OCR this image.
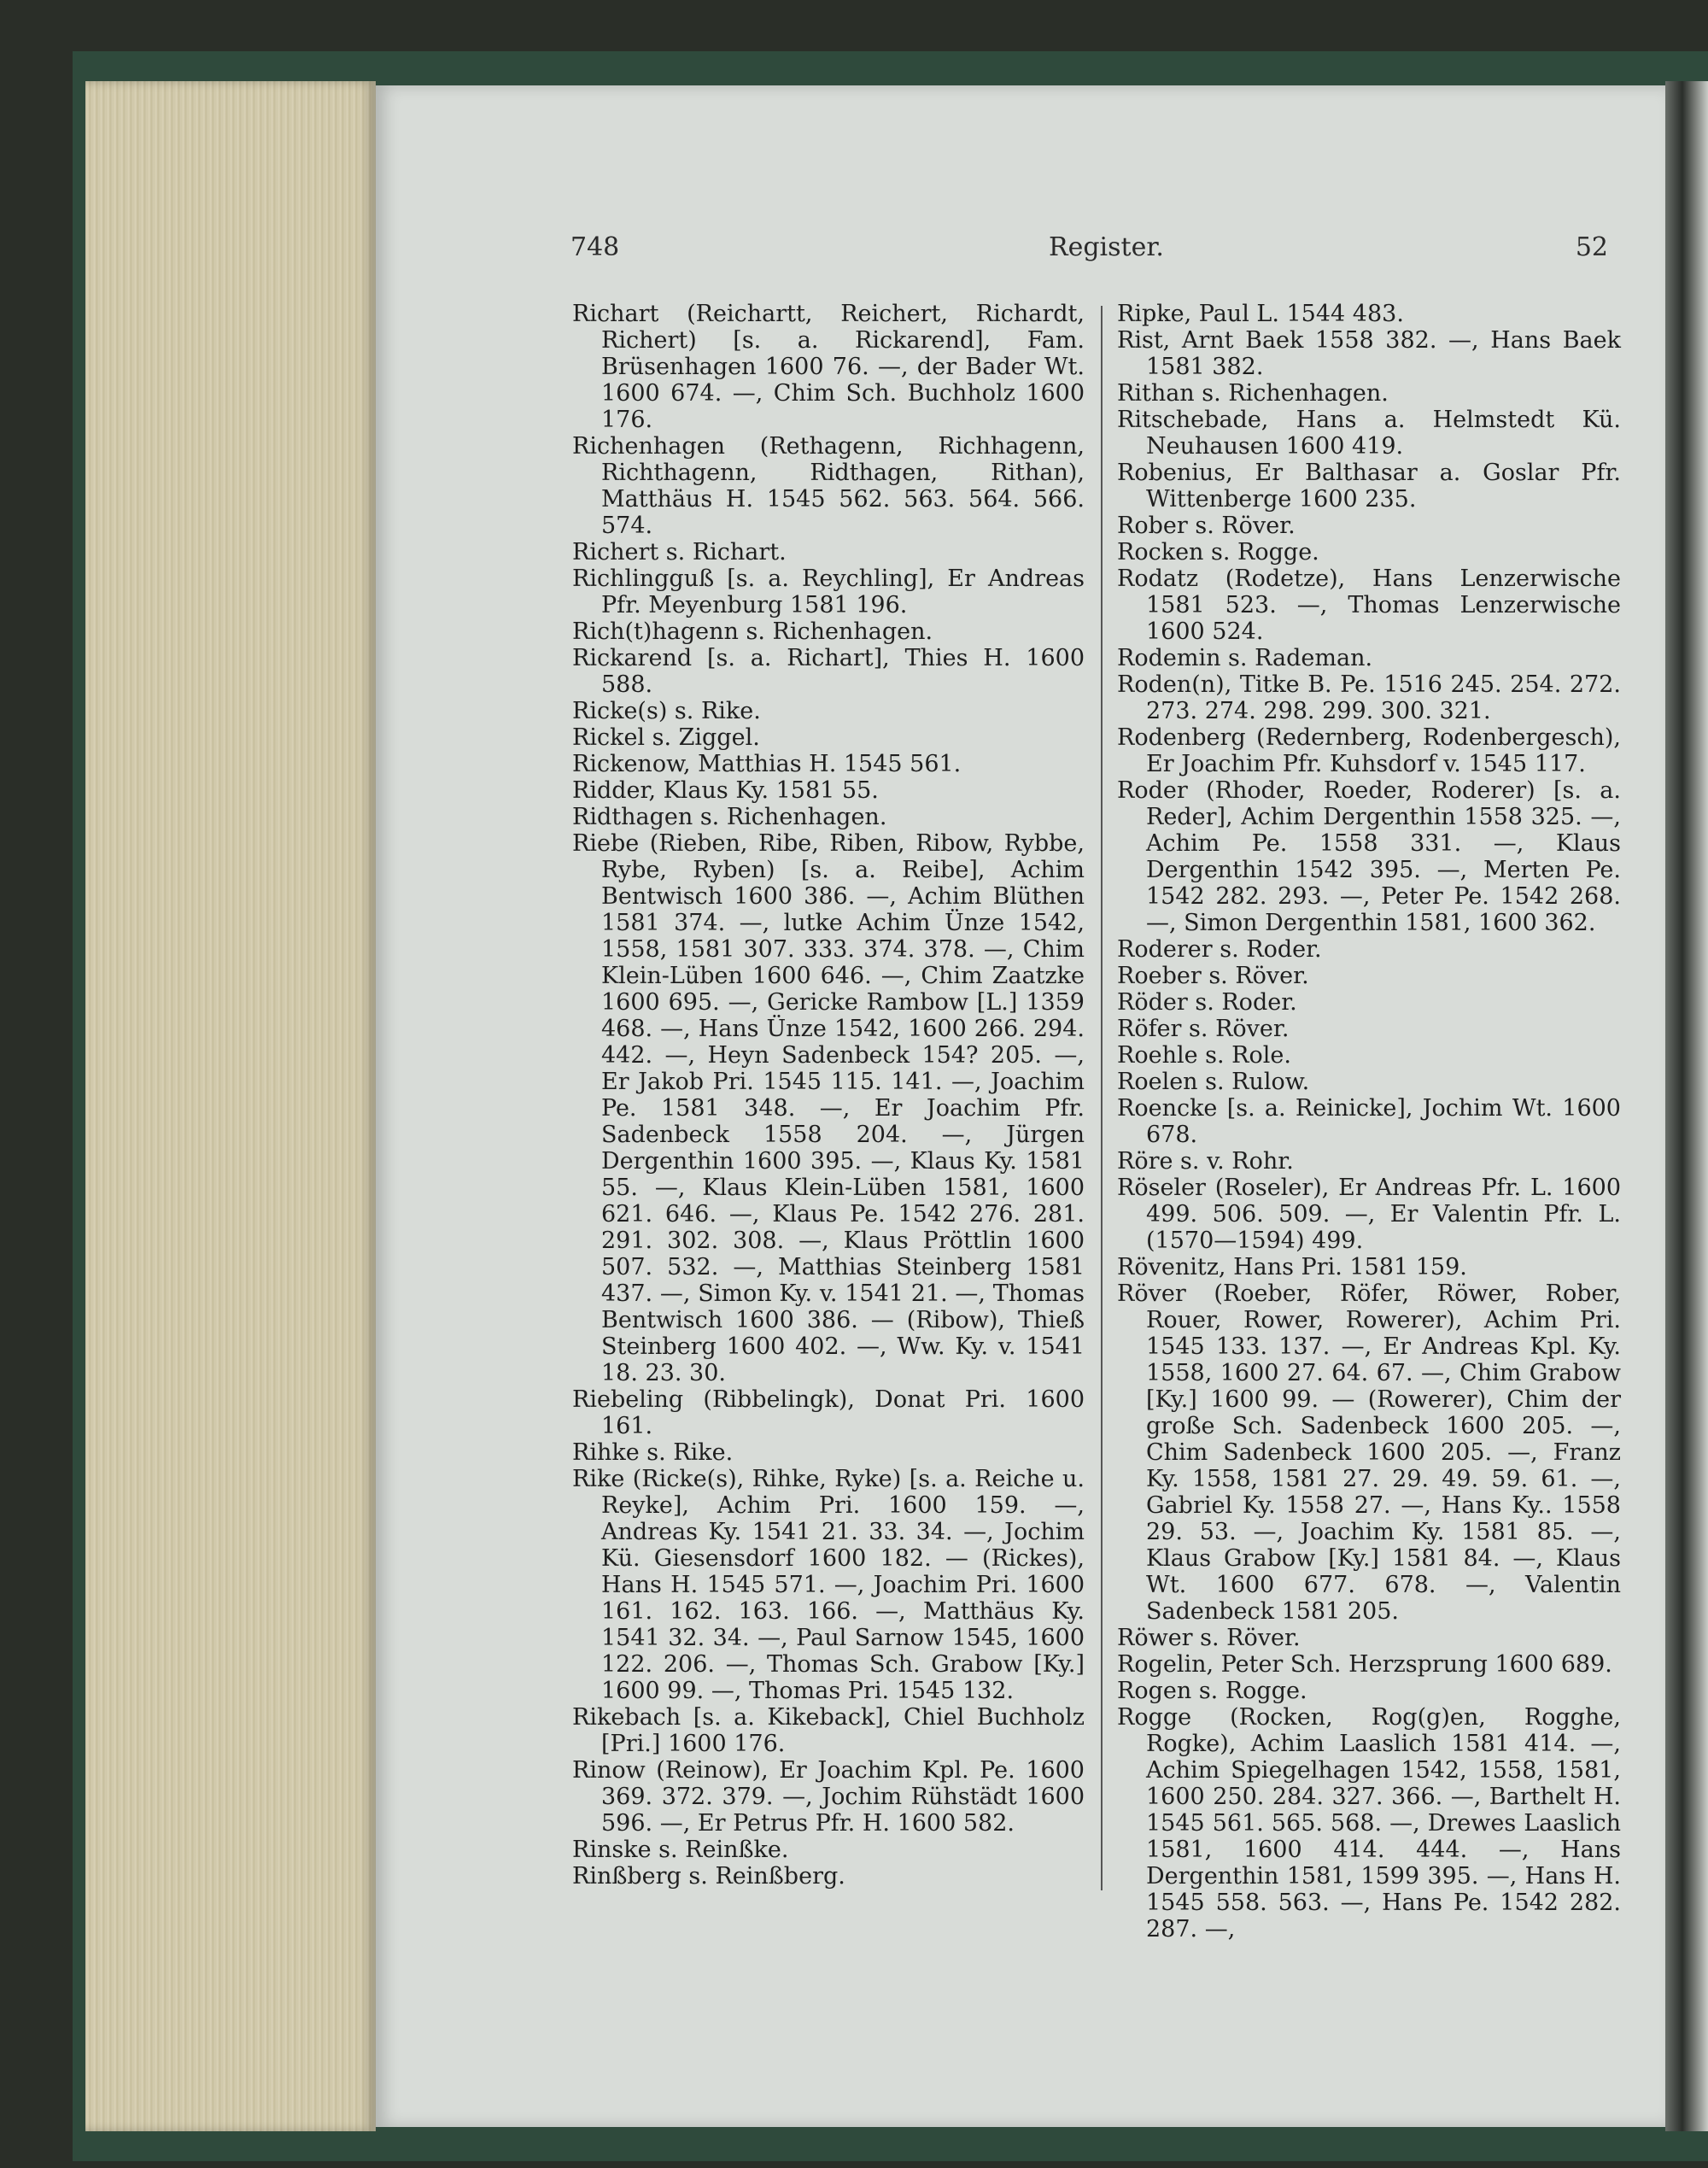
748	Register.	52

Richart (Reichartt, Reichert, Richardt, Richert) [s. a. Rickarend], Fam. Brüsenhagen 1600 76. —, der Bader Wt. 1600 674. —, Chim Sch. Buchholz 1600 176.

Richenhagen (Rethagenn, Richhagenn, Richthagenn, Ridthagen, Rithan), Matthäus H. 1545 562. 563. 564. 566. 574.

Richert s. Richart.

Richlingguß [s. a. Reychling], Er Andreas Pfr. Meyenburg 1581 196.

Rich(t)hagenn s. Richenhagen.

Rickarend [s. a. Richart], Thies H. 1600 588.

Ricke(s) s. Rike.

Rickel s. Ziggel.

Rickenow, Matthias H. 1545 561.

Ridder, Klaus Ky. 1581 55.

Ridthagen s. Richenhagen.

Riebe (Rieben, Ribe, Riben, Ribow, Rybbe, Rybe, Ryben) [s. a. Reibe], Achim Bentwisch 1600 386. —, Achim Blüthen 1581 374. —, lutke Achim Ünze 1542, 1558, 1581 307. 333. 374. 378. —, Chim Klein-Lüben 1600 646. —, Chim Zaatzke 1600 695. —, Gericke Rambow [L.] 1359 468. —, Hans Ünze 1542, 1600 266. 294. 442. —, Heyn Sadenbeck 154? 205. —, Er Jakob Pri. 1545 115. 141. —, Joachim Pe. 1581 348. —, Er Joachim Pfr. Sadenbeck 1558 204. —, Jürgen Dergenthin 1600 395. —, Klaus Ky. 1581 55. —, Klaus Klein-Lüben 1581, 1600 621. 646. —, Klaus Pe. 1542 276. 281. 291. 302. 308. —, Klaus Pröttlin 1600 507. 532. —, Matthias Steinberg 1581 437. —, Simon Ky. v. 1541 21. —, Thomas Bentwisch 1600 386. — (Ribow), Thieß Steinberg 1600 402. —, Ww. Ky. v. 1541 18. 23. 30.

Riebeling (Ribbelingk), Donat Pri. 1600 161.

Rihke s. Rike.

Rike (Ricke(s), Rihke, Ryke) [s. a. Reiche u. Reyke], Achim Pri. 1600 159. —, Andreas Ky. 1541 21. 33. 34. —, Jochim Kü. Giesensdorf 1600 182. — (Rickes), Hans H. 1545 571. —, Joachim Pri. 1600 161. 162. 163. 166. —, Matthäus Ky. 1541 32. 34. —, Paul Sarnow 1545, 1600 122. 206. —, Thomas Sch. Grabow [Ky.] 1600 99. —, Thomas Pri. 1545 132.

Rikebach [s. a. Kikeback], Chiel Buchholz [Pri.] 1600 176.

Rinow (Reinow), Er Joachim Kpl. Pe. 1600 369. 372. 379. —, Jochim Rühstädt 1600 596. —, Er Petrus Pfr. H. 1600 582.

Rinske s. Reinßke.

Rinßberg s. Reinßberg.

Ripke, Paul L. 1544 483.

Rist, Arnt Baek 1558 382. —, Hans Baek 1581 382.

Rithan s. Richenhagen.

Ritschebade, Hans a. Helmstedt Kü. Neuhausen 1600 419.

Robenius, Er Balthasar a. Goslar Pfr. Wittenberge 1600 235.

Rober s. Röver.

Rocken s. Rogge.

Rodatz (Rodetze), Hans Lenzerwische 1581 523. —, Thomas Lenzerwische 1600 524.

Rodemin s. Rademan.

Roden(n), Titke B. Pe. 1516 245. 254. 272. 273. 274. 298. 299. 300. 321.

Rodenberg (Redernberg, Rodenbergesch), Er Joachim Pfr. Kuhsdorf v. 1545 117.

Roder (Rhoder, Roeder, Roderer) [s. a. Reder], Achim Dergenthin 1558 325. —, Achim Pe. 1558 331. —, Klaus Dergenthin 1542 395. —, Merten Pe. 1542 282. 293. —, Peter Pe. 1542 268. —, Simon Dergenthin 1581, 1600 362.

Roderer s. Roder.

Roeber s. Röver.

Röder s. Roder.

Röfer s. Röver.

Roehle s. Role.

Roelen s. Rulow.

Roencke [s. a. Reinicke], Jochim Wt. 1600 678.

Röre s. v. Rohr.

Röseler (Roseler), Er Andreas Pfr. L. 1600 499. 506. 509. —, Er Valentin Pfr. L. (1570—1594) 499.

Rövenitz, Hans Pri. 1581 159.

Röver (Roeber, Röfer, Röwer, Rober, Rouer, Rower, Rowerer), Achim Pri. 1545 133. 137. —, Er Andreas Kpl. Ky. 1558, 1600 27. 64. 67. —, Chim Grabow [Ky.] 1600 99. — (Rowerer), Chim der große Sch. Sadenbeck 1600 205. —, Chim Sadenbeck 1600 205. —, Franz Ky. 1558, 1581 27. 29. 49. 59. 61. —, Gabriel Ky. 1558 27. —, Hans Ky.. 1558 29. 53. —, Joachim Ky. 1581 85. —, Klaus Grabow [Ky.] 1581 84. —, Klaus Wt. 1600 677. 678. —, Valentin Sadenbeck 1581 205.

Röwer s. Röver.

Rogelin, Peter Sch. Herzsprung 1600 689.

Rogen s. Rogge.

Rogge (Rocken, Rog(g)en, Rogghe, Rogke), Achim Laaslich 1581 414. —, Achim Spiegelhagen 1542, 1558, 1581, 1600 250. 284. 327. 366. —, Barthelt H. 1545 561. 565. 568. —, Drewes Laaslich 1581, 1600 414. 444. —, Hans Dergenthin 1581, 1599 395. —, Hans H. 1545 558. 563. —, Hans Pe. 1542 282. 287. —,
